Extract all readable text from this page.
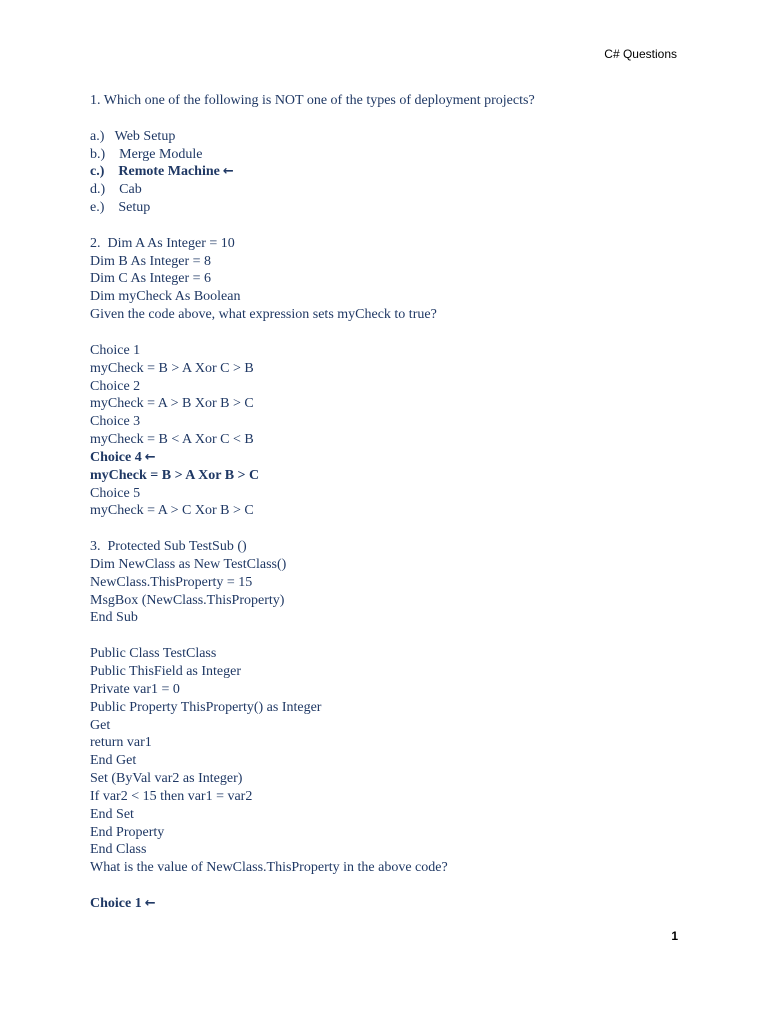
C# Questions
1. Which one of the following is NOT one of the types of deployment projects?
a.)   Web Setup
b.)    Merge Module
c.)    Remote Machine ←
d.)    Cab
e.)    Setup
2.  Dim A As Integer = 10
Dim B As Integer = 8
Dim C As Integer = 6
Dim myCheck As Boolean
Given the code above, what expression sets myCheck to true?
Choice 1
myCheck = B > A Xor C > B
Choice 2
myCheck = A > B Xor B > C
Choice 3
myCheck = B < A Xor C < B
Choice 4 ←
myCheck = B > A Xor B > C
Choice 5
myCheck = A > C Xor B > C
3.  Protected Sub TestSub ()
Dim NewClass as New TestClass()
NewClass.ThisProperty = 15
MsgBox (NewClass.ThisProperty)
End Sub
Public Class TestClass
Public ThisField as Integer
Private var1 = 0
Public Property ThisProperty() as Integer
Get
return var1
End Get
Set (ByVal var2 as Integer)
If var2 < 15 then var1 = var2
End Set
End Property
End Class
What is the value of NewClass.ThisProperty in the above code?
Choice 1 ←
1
